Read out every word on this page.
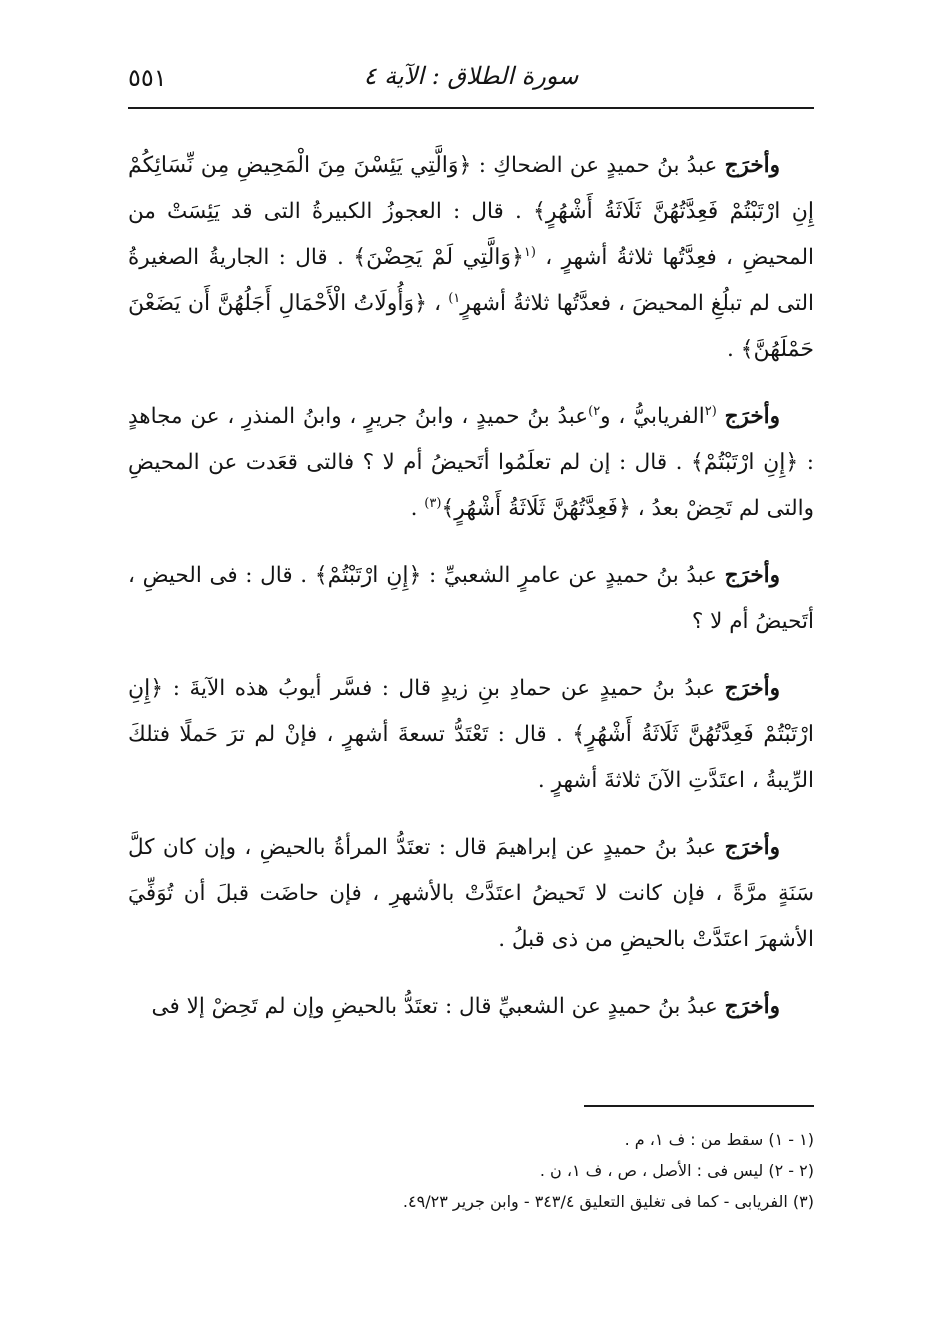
سورة الطلاق : الآية ٤
٥٥١

وأخرَج عبدُ بنُ حميدٍ عن الضحاكِ : ﴿وَالَّتِي يَئِسْنَ مِنَ الْمَحِيضِ مِن نِّسَائِكُمْ إِنِ ارْتَبْتُمْ فَعِدَّتُهُنَّ ثَلَاثَةُ أَشْهُرٍ﴾ . قال : العجوزُ الكبيرةُ التى قد يَئِسَتْ من المحيضِ ، فعِدَّتُها ثلاثةُ أشهرٍ ، $^{(١}$﴿وَالَّتِي لَمْ يَحِضْنَ﴾ . قال : الجاريةُ الصغيرةُ التى لم تبلُغِ المحيضَ ، فعدَّتُها ثلاثةُ أشهرٍ$^{١)}$ ، ﴿وَأُولَاتُ الْأَحْمَالِ أَجَلُهُنَّ أَن يَضَعْنَ حَمْلَهُنَّ﴾ .

وأخرَج $^{(٢}$الفريابيُّ ، و$^{٢)}$عبدُ بنُ حميدٍ ، وابنُ جريرٍ ، وابنُ المنذرِ ، عن مجاهدٍ : ﴿إِنِ ارْتَبْتُمْ﴾ . قال : إن لم تعلَمُوا أتَحيضُ أم لا ؟ فالتى قعَدت عن المحيضِ والتى لم تَحِضْ بعدُ ، ﴿فَعِدَّتُهُنَّ ثَلَاثَةُ أَشْهُرٍ﴾$^{(٣)}$ .

وأخرَج عبدُ بنُ حميدٍ عن عامرٍ الشعبيِّ : ﴿إِنِ ارْتَبْتُمْ﴾ . قال : فى الحيضِ ، أتَحيضُ أم لا ؟

وأخرَج عبدُ بنُ حميدٍ عن حمادِ بنِ زيدٍ قال : فسَّر أيوبُ هذه الآيةَ : ﴿إِنِ ارْتَبْتُمْ فَعِدَّتُهُنَّ ثَلَاثَةُ أَشْهُرٍ﴾ . قال : تَعْتَدُّ تسعةَ أشهرٍ ، فإنْ لم ترَ حَملًا فتلكَ الرِّيبةُ ، اعتَدَّتِ الآنَ ثلاثةَ أشهرٍ .

وأخرَج عبدُ بنُ حميدٍ عن إبراهيمَ قال : تعتَدُّ المرأةُ بالحيضِ ، وإن كان كلَّ سَنَةٍ مرَّةً ، فإن كانت لا تَحيضُ اعتَدَّتْ بالأشهرِ ، فإن حاضَت قبلَ أن تُوَفِّيَ الأشهرَ اعتَدَّتْ بالحيضِ من ذى قبلُ .

وأخرَج عبدُ بنُ حميدٍ عن الشعبيِّ قال : تعتَدُّ بالحيضِ وإن لم تَحِضْ إلا فى

(١ - ١) سقط من : ف ١، م .

(٢ - ٢) ليس فى : الأصل ، ص ، ف ١، ن .

(٣) الفريابى - كما فى تغليق التعليق ٣٤٣/٤ - وابن جرير ٤٩/٢٣.
